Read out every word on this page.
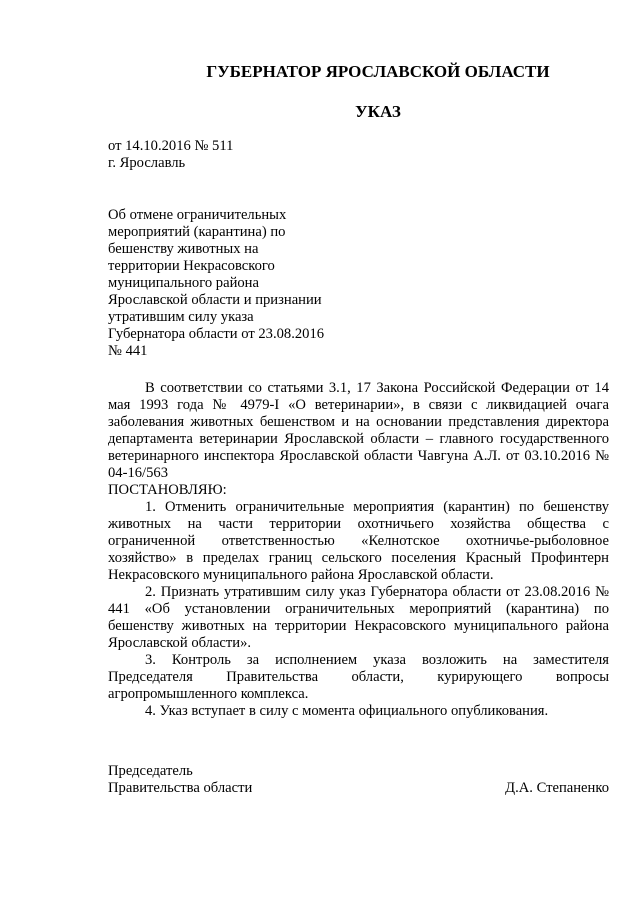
ГУБЕРНАТОР ЯРОСЛАВСКОЙ ОБЛАСТИ
УКАЗ
от 14.10.2016 № 511
г. Ярославль
Об отмене ограничительных
мероприятий (карантина) по
бешенству животных на
территории Некрасовского
муниципального района
Ярославской области и признании
утратившим силу указа
Губернатора области от 23.08.2016
№ 441

В соответствии со статьями 3.1, 17 Закона Российской Федерации от 14 мая 1993 года № 4979-I «О ветеринарии», в связи с ликвидацией очага заболевания животных бешенством и на основании представления директора департамента ветеринарии Ярославской области – главного государственного ветеринарного инспектора Ярославской области Чавгуна А.Л. от 03.10.2016 № 04-16/563

ПОСТАНОВЛЯЮ:

1. Отменить ограничительные мероприятия (карантин) по бешенству животных на части территории охотничьего хозяйства общества с ограниченной ответственностью «Келнотское охотничье-рыболовное хозяйство» в пределах границ сельского поселения Красный Профинтерн Некрасовского муниципального района Ярославской области.

2. Признать утратившим силу указ Губернатора области от 23.08.2016 № 441 «Об установлении ограничительных мероприятий (карантина) по бешенству животных на территории Некрасовского муниципального района Ярославской области».

3. Контроль за исполнением указа возложить на заместителя Председателя Правительства области, курирующего вопросы агропромышленного комплекса.

4. Указ вступает в силу с момента официального опубликования.

Председатель
Правительства области	Д.А. Степаненко
